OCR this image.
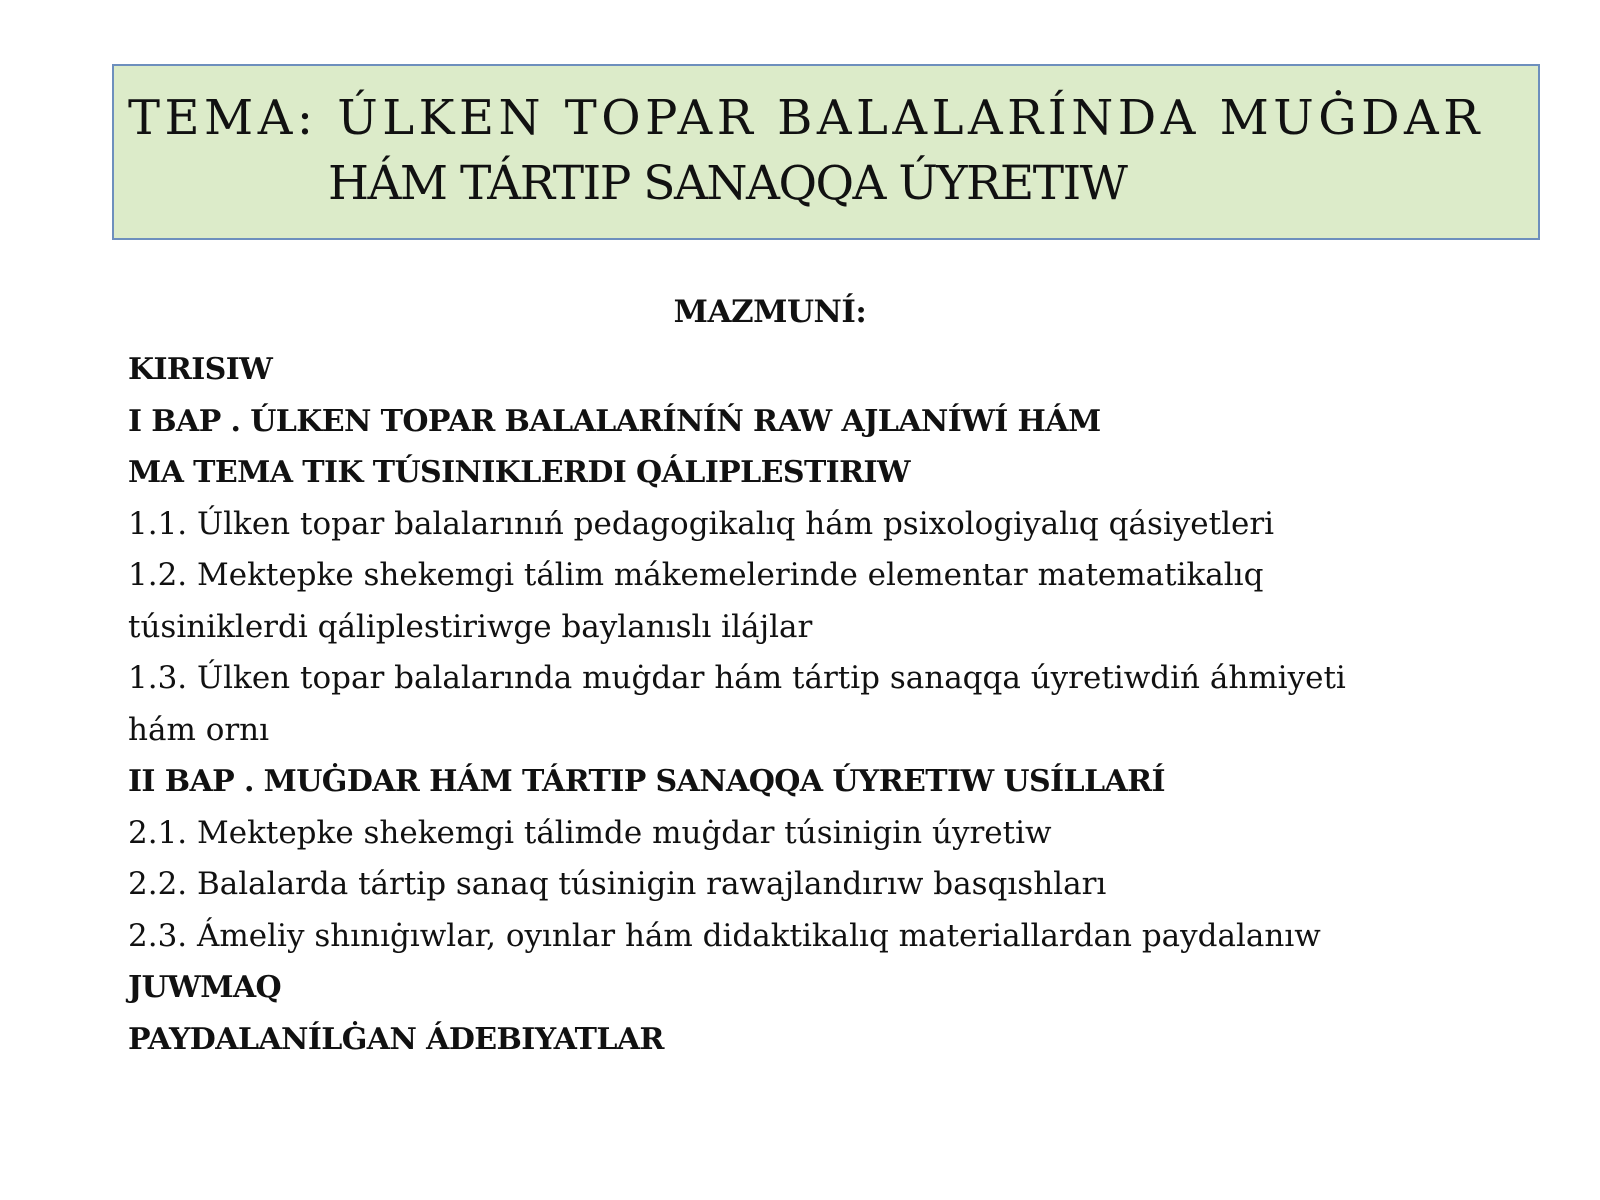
TEMA: ÚLKEN TOPAR BALALARÍNDA MUĠDAR
HÁM TÁRTIP SANAQQA ÚYRETIW
MAZMUNÍ:
KIRISIW
I BAP . ÚLKEN TOPAR BALALARÍNÍŃ RAW AJLANÍWÍ HÁM
MA TEMA TIK TÚSINIKLERDI QÁLIPLESTIRIW
1.1. Úlken topar balalarınıń pedagogikalıq hám psixologiyalıq qásiyetleri
1.2. Mektepke shekemgi tálim mákemelerinde elementar matematikalıq
túsiniklerdi qáliplestiriwge baylanıslı ilájlar
1.3. Úlken topar balalarında muġdar hám tártip sanaqqa úyretiwdiń áhmiyeti
hám ornı
II BAP . MUĠDAR HÁM TÁRTIP SANAQQA ÚYRETIW USÍLLARÍ
2.1. Mektepke shekemgi tálimde muġdar túsinigin úyretiw
2.2. Balalarda tártip sanaq túsinigin rawajlandırıw basqıshları
2.3. Ámeliy shınıġıwlar, oyınlar hám didaktikalıq materiallardan paydalanıw
JUWMAQ
PAYDALANÍLĠAN ÁDEBIYATLAR
